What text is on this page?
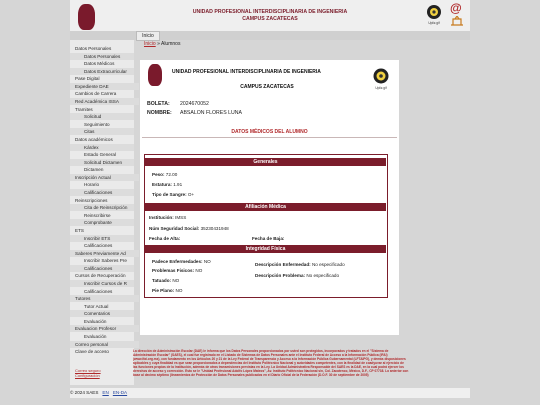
UNIDAD PROFESIONAL INTERDISCIPLINARIA DE INGENIERIA
CAMPUS ZACATECAS
Upiiz.gif
@
Inicio
Datos Personales
Datos Personales
Datos Médicos
Datos Extracurricular
Pase Digital
Expediente DAE
Cambios de Carrera
Red Académica ISSA
Tramites
Solicitud
Seguimiento
Citas
Datos académicos
Kárdex
Estado General
Solicitud Dictamen
Dictamen
Inscripción Actual
Horario
Calificaciones
Reinscripciones
Cita de Reinscripción
Reinscribirse
Comprobante
ETS
Inscribir ETS
Calificaciones
Saberes Previamente Ad
Inscribir Saberes Pre
Calificaciones
Cursos de Recuperación
Inscribir Cursos de R
Calificaciones
Tutores
Tutor Actual
Comentarios
Evaluación
Evaluacion Profesor
Evaluación
Correo personal
Clave de acceso
Correo seguro
Configuración
Inicio » Alumnos
UNIDAD PROFESIONAL INTERDISCIPLINARIA DE INGENIERIA
CAMPUS ZACATECAS	Upiiz.gif
BOLETA: 2024670052
NOMBRE: ABSALON FLORES LUNA
DATOS MÉDICOS DEL ALUMNO
Generales
Peso: 72.00
Estatura: 1.91
Tipo de Sangre: O+
Afiliación Médica
Institución: IMSS
Núm Seguridad Social: 35230431948
Fecha de Alta:	Fecha de Baja:
Integridad Física
Padece Enfermedades: NO
Descripción Enfermedad: No especificado
Problemas Fisicos: NO
Descripción Problema: No especificado
Tatuado: NO
Pie Plano: NO
La dirección de Administración Escolar (DAE) le informa que los Datos Personales proporcionados por usted son protegidos, incorporados y tratados en el "Sistema de Administración Escolar" (SAES), el cual fue registrado en el Listado de Sistemas de Datos Personales ante el Instituto Federal de Acceso a la Información Pública (IFAI) (www.ifai.org.mx), con fundamento en los Artículos 20 y 21 de la Ley Federal de Transparencia y Acceso a la Información Pública Gubernamental (LFTAIPG), y demás disposiciones aplicables y cuya finalidad es que sean proporcionados a dependencias del Instituto Politécnico Nacional y autoridades competentes, con la finalidad de coadyuvar al ejercicio de las funciones propias de la Institución, además de otras transmisiones previstas en la Ley. La Unidad Administrativa Responsable del SAES es la DAE, en la cual podrá ejercer los derechos de acceso y corrección. Esto se le "Unidad Profesional Adolfo López Mateos", Av. Instituto Politécnico Nacional s/n, Col. Zacatenco, México, D.F., CP 07738. Lo anterior con base al decimo séptimo (lineamientos de Protección de Datos Personales publicados en el Diario Oficial de la Federación (D.O.F. 30 de septiembre de 2005)
© 2024 SAES EN EN-DA
